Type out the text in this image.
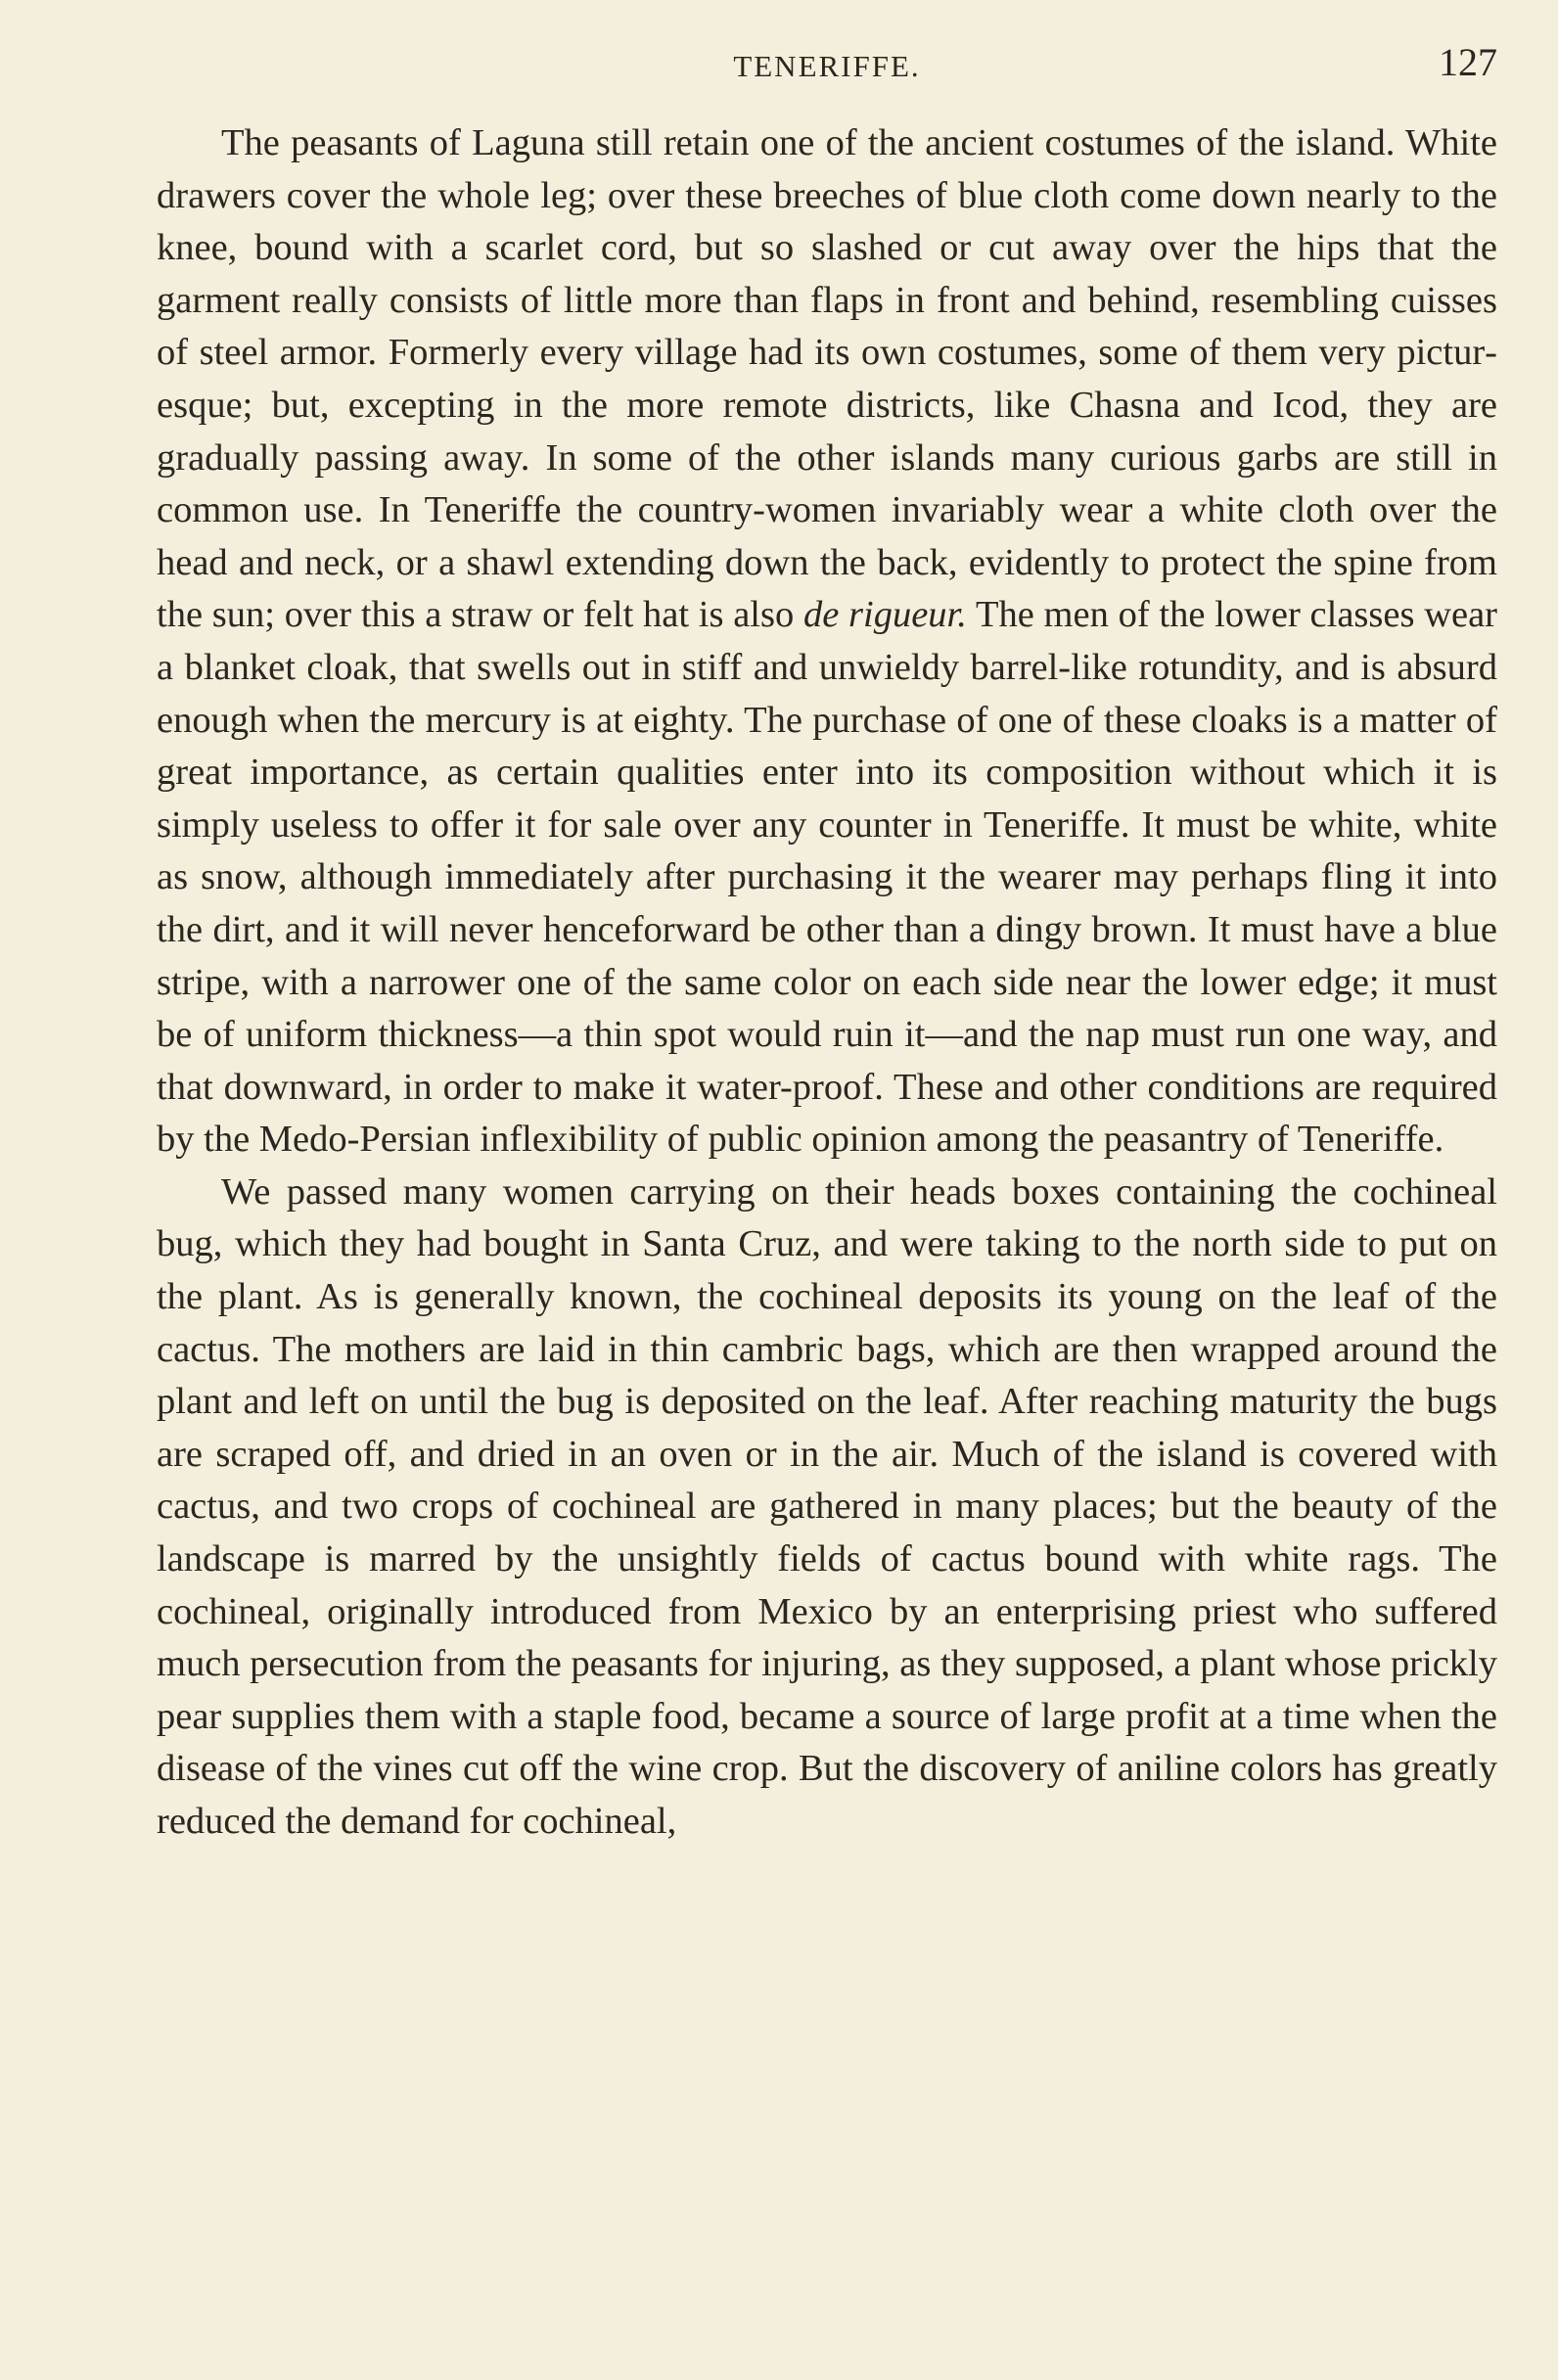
TENERIFFE.	127

The peasants of Laguna still retain one of the ancient costumes of the island. White drawers cover the whole leg; over these breeches of blue cloth come down nearly to the knee, bound with a scarlet cord, but so slashed or cut away over the hips that the garment really consists of little more than flaps in front and behind, resembling cuisses of steel armor. Formerly every village had its own costumes, some of them very picturesque; but, excepting in the more remote districts, like Chasna and Icod, they are gradually passing away. In some of the other islands many curious garbs are still in common use. In Teneriffe the country-women invariably wear a white cloth over the head and neck, or a shawl extending down the back, evidently to protect the spine from the sun; over this a straw or felt hat is also de rigueur. The men of the lower classes wear a blanket cloak, that swells out in stiff and unwieldy barrel-like rotundity, and is absurd enough when the mercury is at eighty. The purchase of one of these cloaks is a matter of great importance, as certain qualities enter into its composition without which it is simply useless to offer it for sale over any counter in Teneriffe. It must be white, white as snow, although immediately after purchasing it the wearer may perhaps fling it into the dirt, and it will never henceforward be other than a dingy brown. It must have a blue stripe, with a narrower one of the same color on each side near the lower edge; it must be of uniform thickness—a thin spot would ruin it—and the nap must run one way, and that downward, in order to make it water-proof. These and other conditions are required by the Medo-Persian inflexibility of public opinion among the peasantry of Teneriffe.

We passed many women carrying on their heads boxes containing the cochineal bug, which they had bought in Santa Cruz, and were taking to the north side to put on the plant. As is generally known, the cochineal deposits its young on the leaf of the cactus. The mothers are laid in thin cambric bags, which are then wrapped around the plant and left on until the bug is deposited on the leaf. After reaching maturity the bugs are scraped off, and dried in an oven or in the air. Much of the island is covered with cactus, and two crops of cochineal are gathered in many places; but the beauty of the landscape is marred by the unsightly fields of cactus bound with white rags. The cochineal, originally introduced from Mexico by an enterprising priest who suffered much persecution from the peasants for injuring, as they supposed, a plant whose prickly pear supplies them with a staple food, became a source of large profit at a time when the disease of the vines cut off the wine crop. But the discovery of aniline colors has greatly reduced the demand for cochineal,
